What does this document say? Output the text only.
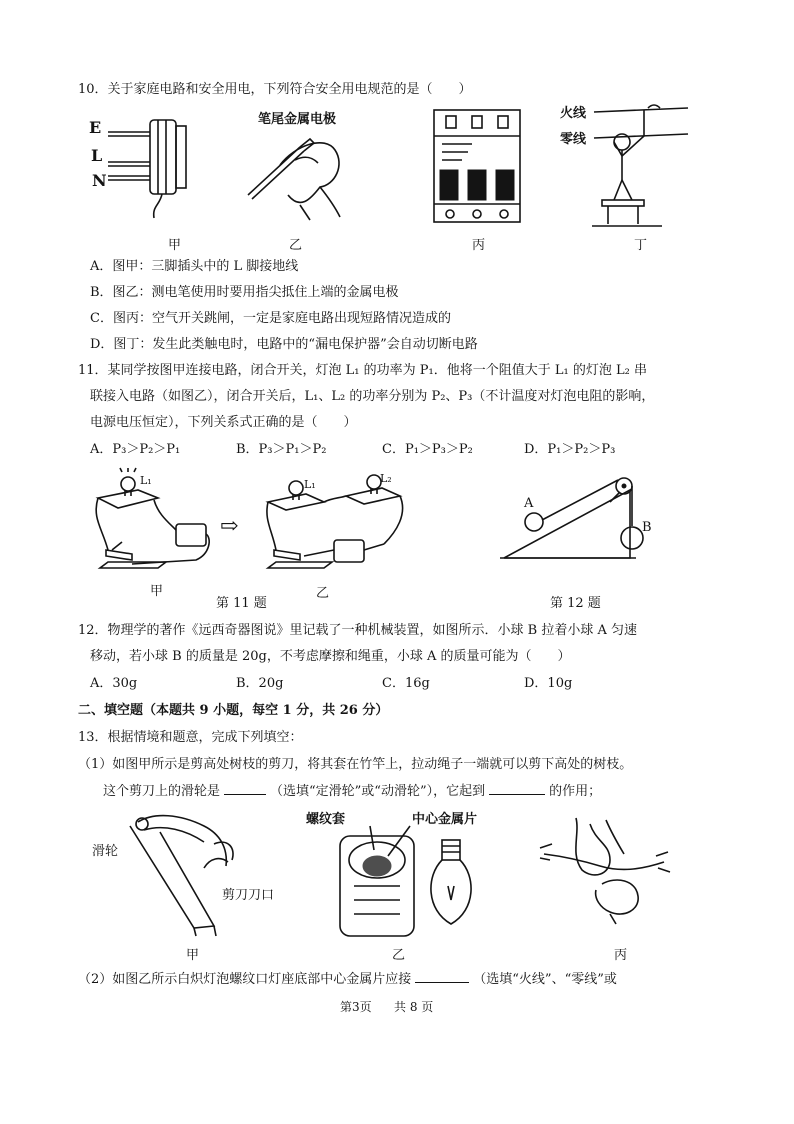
10．关于家庭电路和安全用电，下列符合安全用电规范的是（　　）
E
L
N
笔尾金属电极	火线
零线
甲	乙	丙	丁
A．图甲：三脚插头中的 L 脚接地线
B．图乙：测电笔使用时要用指尖抵住上端的金属电极
C．图丙：空气开关跳闸，一定是家庭电路出现短路情况造成的
D．图丁：发生此类触电时，电路中的“漏电保护器”会自动切断电路
11．某同学按图甲连接电路，闭合开关，灯泡 L₁ 的功率为 P₁．他将一个阻值大于 L₁ 的灯泡 L₂ 串
联接入电路（如图乙），闭合开关后，L₁、L₂ 的功率分别为 P₂、P₃（不计温度对灯泡电阻的影响，
电源电压恒定），下列关系式正确的是（　　）
A．P₃＞P₂＞P₁	B．P₃＞P₁＞P₂	C．P₁＞P₃＞P₂	D．P₁＞P₂＞P₃
L₁
⇨
L₁	L₂
甲	乙
第 11 题
A
B
第 12 题
12．物理学的著作《远西奇器图说》里记载了一种机械装置，如图所示．小球 B 拉着小球 A 匀速
移动，若小球 B 的质量是 20g，不考虑摩擦和绳重，小球 A 的质量可能为（　　）
A．30g	B．20g	C．16g	D．10g
二、填空题（本题共 9 小题，每空 1 分，共 26 分）
13．根据情境和题意，完成下列填空：
（1）如图甲所示是剪高处树枝的剪刀，将其套在竹竿上，拉动绳子一端就可以剪下高处的树枝。
这个剪刀上的滑轮是	（选填“定滑轮”或“动滑轮”），它起到	的作用；
滑轮
剪刀刀口
螺纹套	中心金属片
甲	乙	丙
（2）如图乙所示白炽灯泡螺纹口灯座底部中心金属片应接	（选填“火线”、“零线”或
第3页 共 8 页
